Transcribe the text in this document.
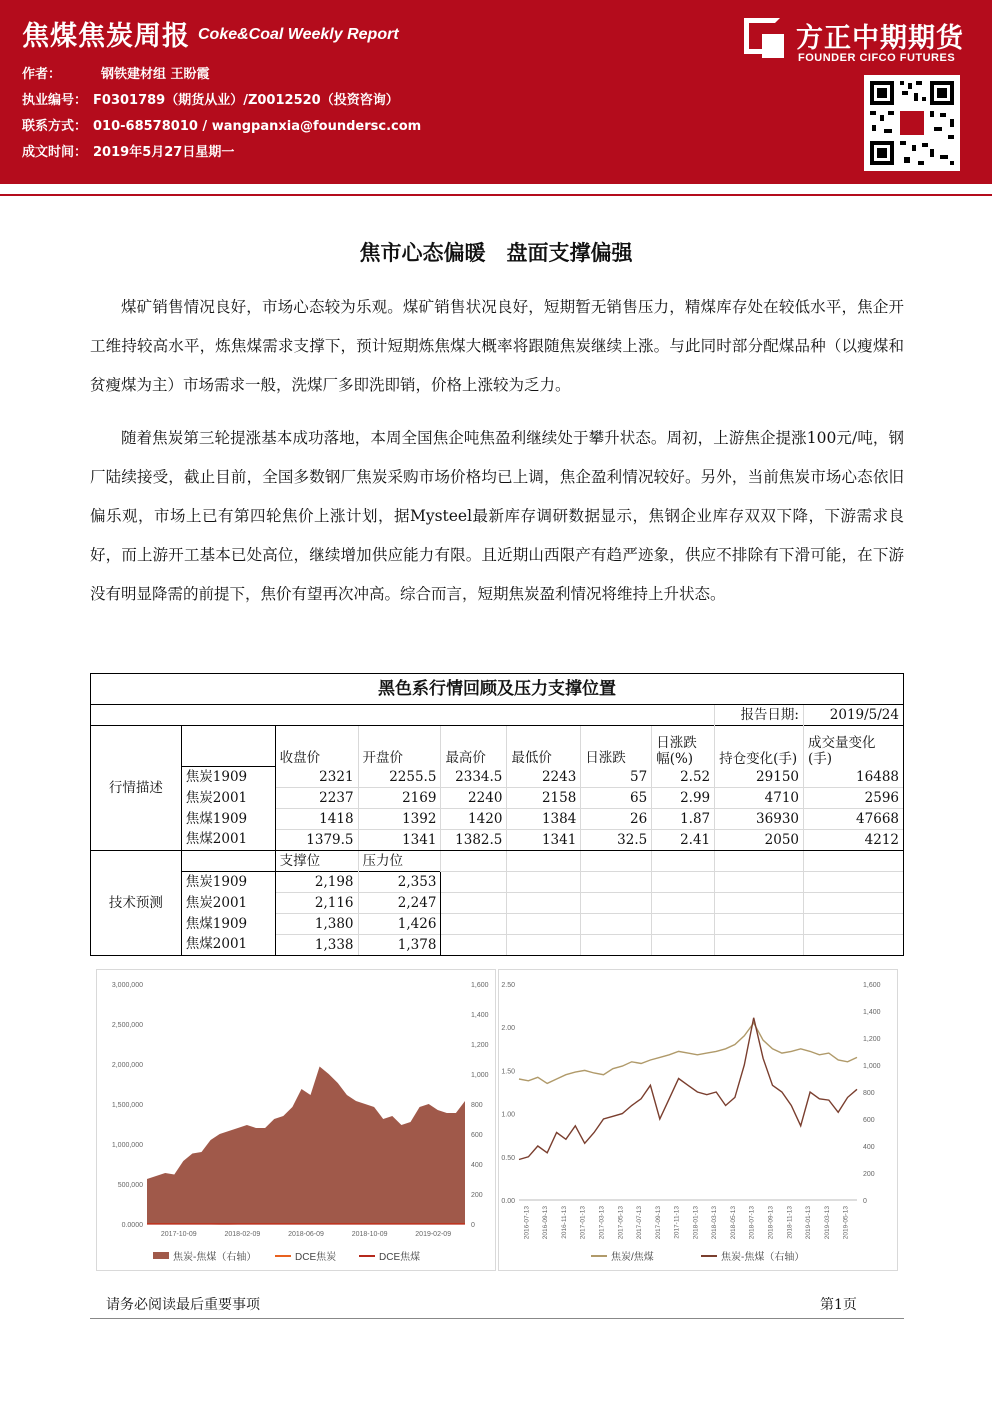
焦煤焦炭周报 Coke&Coal Weekly Report
作者：	钢铁建材组 王盼霞
执业编号： F0301789（期货从业）/Z0012520（投资咨询）
联系方式： 010-68578010 / wangpanxia@foundersc.com
成文时间： 2019年5月27日星期一
方正中期期货
FOUNDER CIFCO FUTURES
焦市心态偏暖　盘面支撑偏强
煤矿销售情况良好，市场心态较为乐观。煤矿销售状况良好，短期暂无销售压力，精煤库存处在较低水平，焦企开工维持较高水平，炼焦煤需求支撑下，预计短期炼焦煤大概率将跟随焦炭继续上涨。与此同时部分配煤品种（以瘦煤和贫瘦煤为主）市场需求一般，洗煤厂多即洗即销，价格上涨较为乏力。
随着焦炭第三轮提涨基本成功落地，本周全国焦企吨焦盈利继续处于攀升状态。周初，上游焦企提涨100元/吨，钢厂陆续接受，截止目前，全国多数钢厂焦炭采购市场价格均已上调，焦企盈利情况较好。另外，当前焦炭市场心态依旧偏乐观，市场上已有第四轮焦价上涨计划，据Mysteel最新库存调研数据显示，焦钢企业库存双双下降，下游需求良好，而上游开工基本已处高位，继续增加供应能力有限。且近期山西限产有趋严迹象，供应不排除有下滑可能，在下游没有明显降需的前提下，焦价有望再次冲高。综合而言，短期焦炭盈利情况将维持上升状态。
黑色系行情回顾及压力支撑位置									
								报告日期:	2019/5/24
行情描述		收盘价	开盘价	最高价	最低价	日涨跌	日涨跌幅(%)	持仓变化(手)	成交量变化(手)
	焦炭1909	2321	2255.5	2334.5	2243	57	2.52	29150	16488
	焦炭2001	2237	2169	2240	2158	65	2.99	4710	2596
	焦煤1909	1418	1392	1420	1384	26	1.87	36930	47668
	焦煤2001	1379.5	1341	1382.5	1341	32.5	2.41	2050	4212
技术预测		支撑位	压力位						
	焦炭1909	2,198	2,353						
	焦炭2001	2,116	2,247						
	焦煤1909	1,380	1,426						
	焦煤2001	1,338	1,378						
3,000,000
2,500,000
2,000,000
1,500,000
1,000,000
500,000
0.0000
1,600
1,400
1,200
1,000
800
600
400
200
0
2017-10-09	2018-02-09	2018-06-09	2018-10-09	2019-02-09
焦炭-焦煤（右轴）	DCE焦炭	DCE焦煤
2.50
2.00
1.50
1.00
0.50
0.00
1,600
1,400
1,200
1,000
800
600
400
200
0
2016-07-13 2016-09-13 2016-11-13 2017-01-13 2017-03-13 2017-05-13 2017-07-13 2017-09-13 2017-11-13 2018-01-13 2018-03-13 2018-05-13 2018-07-13 2018-09-13 2018-11-13 2019-01-13 2019-03-13 2019-05-13
焦炭/焦煤	焦炭-焦煤（右轴）
请务必阅读最后重要事项	第1页
